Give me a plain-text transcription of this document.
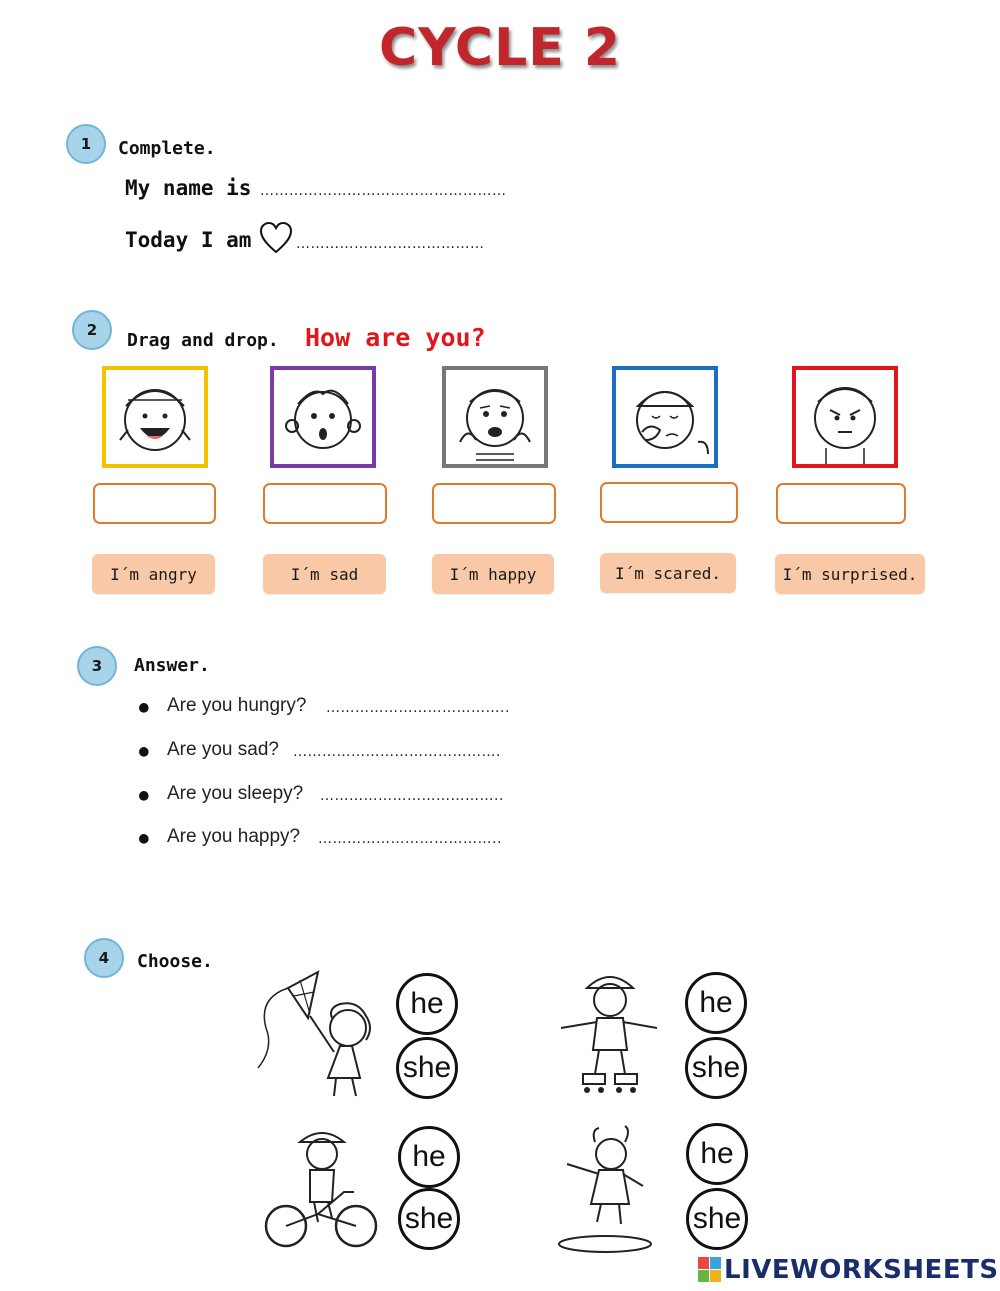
CYCLE 2
1	Complete.
My name is ……………………………………………
Today I am	…………………………………
2	Drag and drop. How are you?
I´m angry	I´m sad	I´m happy	I´m scared.	I´m surprised.
3	Answer.
● Are you hungry? ………………………………..
● Are you sad? …………………………………….
● Are you sleepy? ………………………………..
● Are you happy? ………………………………..
4	Choose.
he
she
he
she
he
she
he
she
LIVEWORKSHEETS
